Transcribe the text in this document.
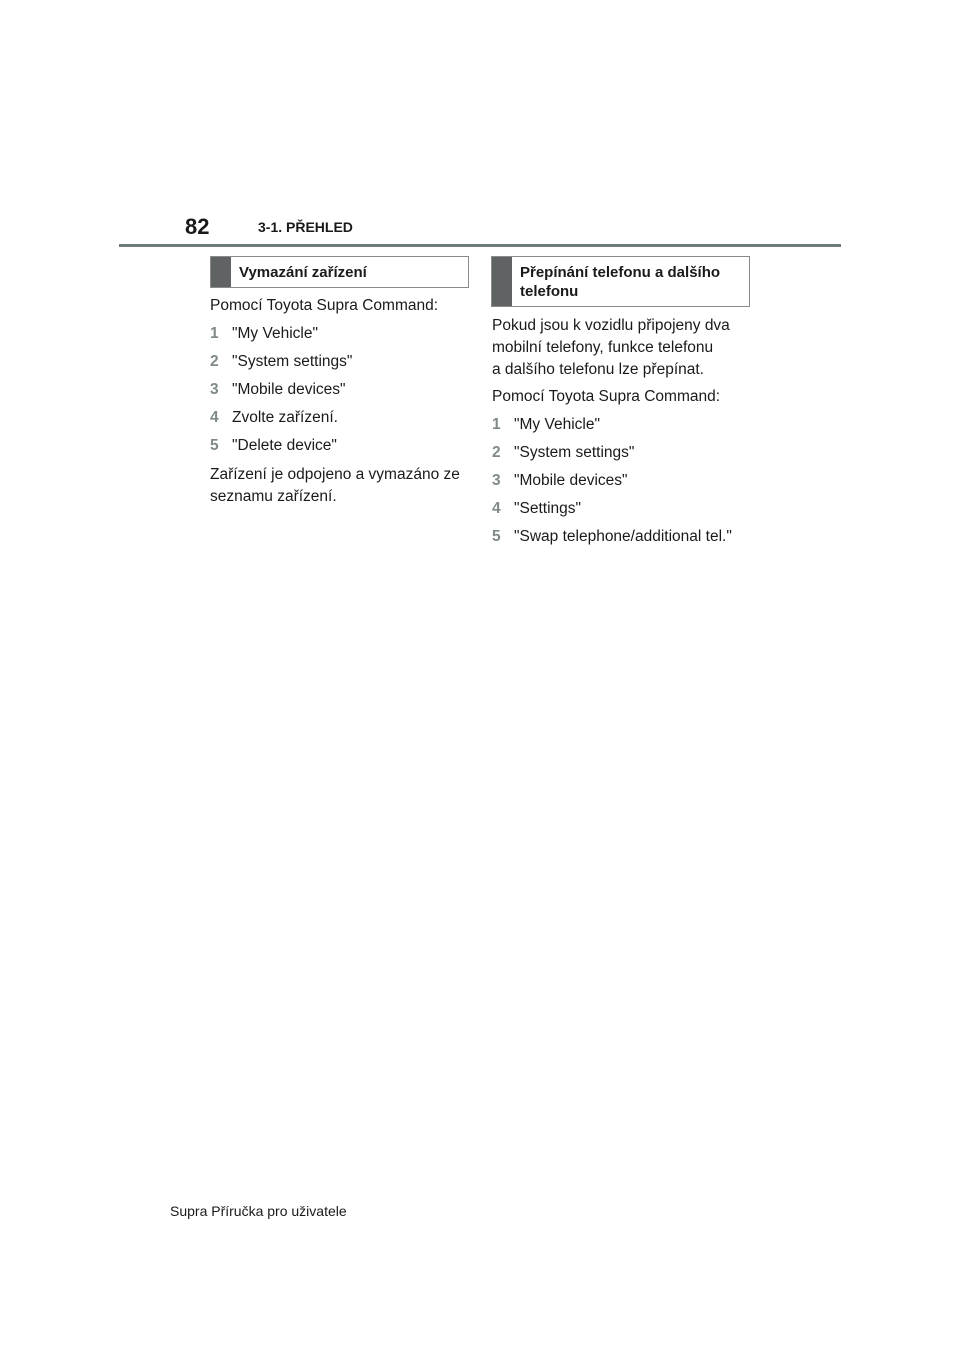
82	3-1. PŘEHLED
Vymazání zařízení	Přepínání telefonu a dalšího
telefonu

Pomocí Toyota Supra Command:

1 "My Vehicle"
2 "System settings"
3 "Mobile devices"
4 Zvolte zařízení.
5 "Delete device"

Zařízení je odpojeno a vymazáno ze

seznamu zařízení.

Pokud jsou k vozidlu připojeny dva

mobilní telefony, funkce telefonu

a dalšího telefonu lze přepínat.

Pomocí Toyota Supra Command:

1 "My Vehicle"
2 "System settings"
3 "Mobile devices"
4 "Settings"
5 "Swap telephone/additional tel."
Supra Příručka pro uživatele
